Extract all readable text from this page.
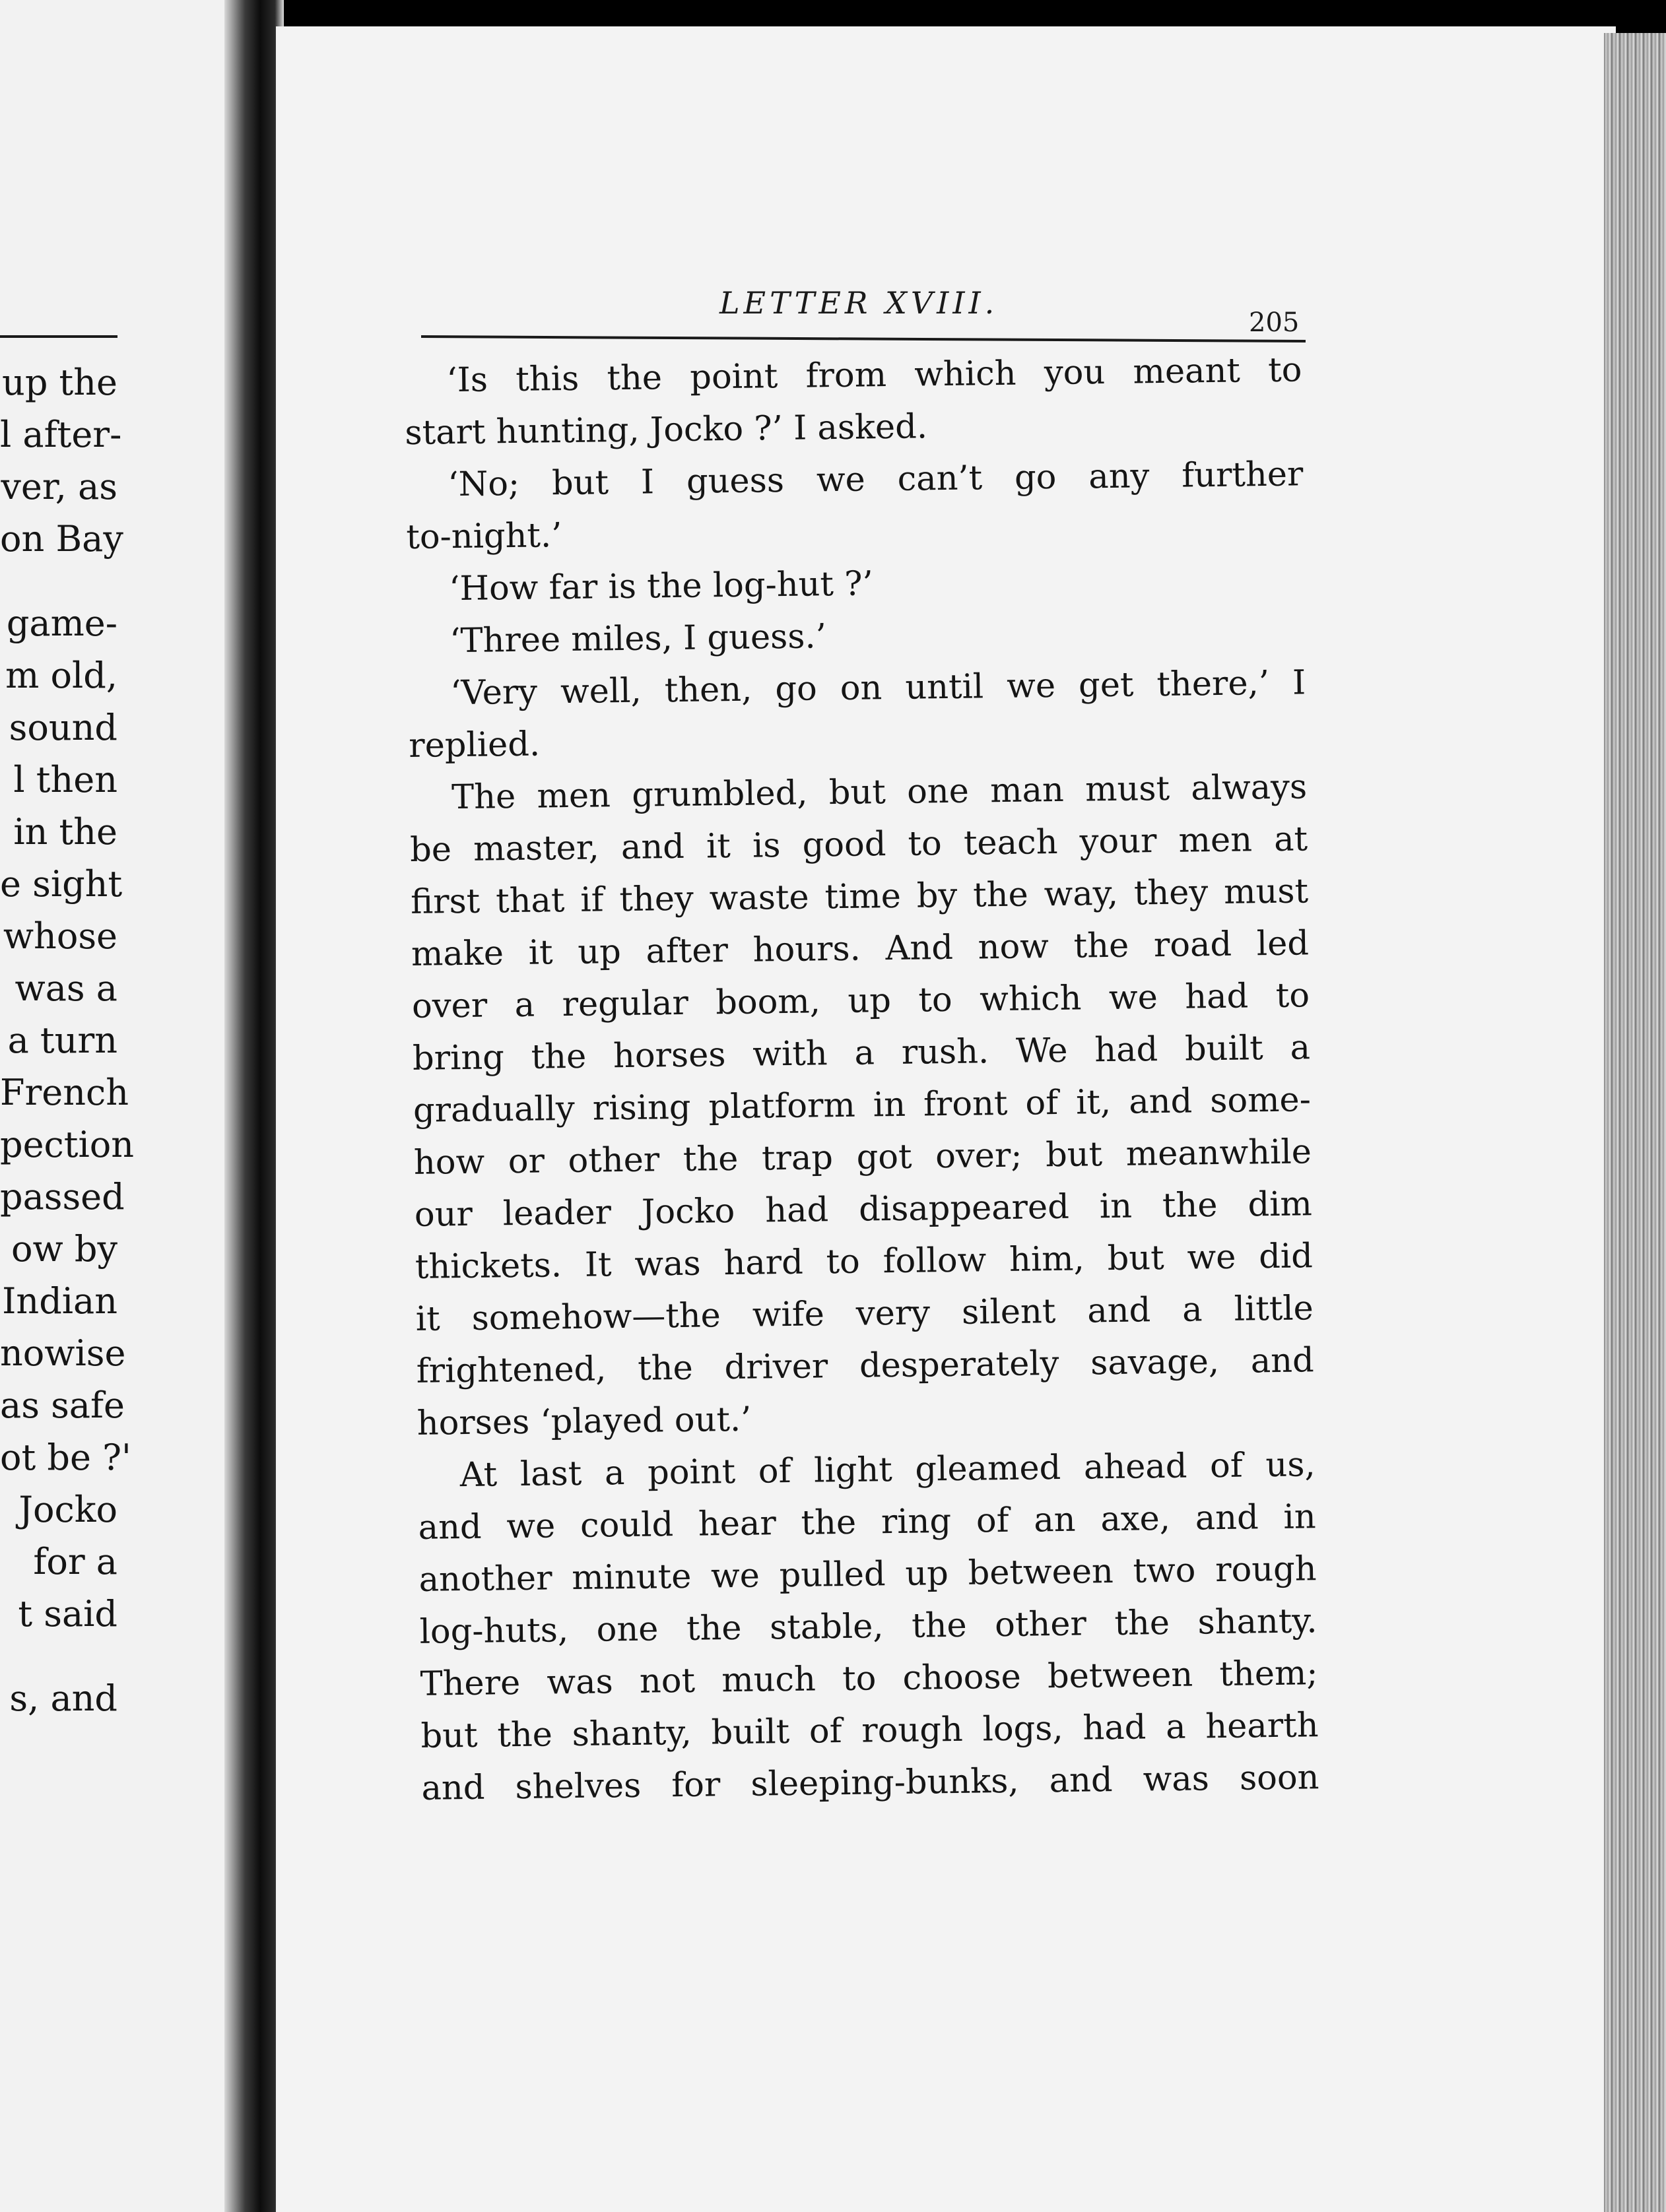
up the
l after-
ver, as
on Bay
game-
m old,
sound
l then
in the
e sight
whose
was a
a turn
French
pection
passed
ow by
Indian
nowise
as safe
ot be ?'
Jocko
for a
t said
s, and
LETTER XVIII.
205
‘Is this the point from which you meant to
start hunting, Jocko ?’ I asked.
‘No; but I guess we can’t go any further
to-night.’
‘How far is the log-hut ?’
‘Three miles, I guess.’
‘Very well, then, go on until we get there,’ I
replied.
The men grumbled, but one man must always
be master, and it is good to teach your men at
first that if they waste time by the way, they must
make it up after hours. And now the road led
over a regular boom, up to which we had to
bring the horses with a rush. We had built a
gradually rising platform in front of it, and some-
how or other the trap got over; but meanwhile
our leader Jocko had disappeared in the dim
thickets. It was hard to follow him, but we did
it somehow—the wife very silent and a little
frightened, the driver desperately savage, and
horses ‘played out.’
At last a point of light gleamed ahead of us,
and we could hear the ring of an axe, and in
another minute we pulled up between two rough
log-huts, one the stable, the other the shanty.
There was not much to choose between them;
but the shanty, built of rough logs, had a hearth
and shelves for sleeping-bunks, and was soon
